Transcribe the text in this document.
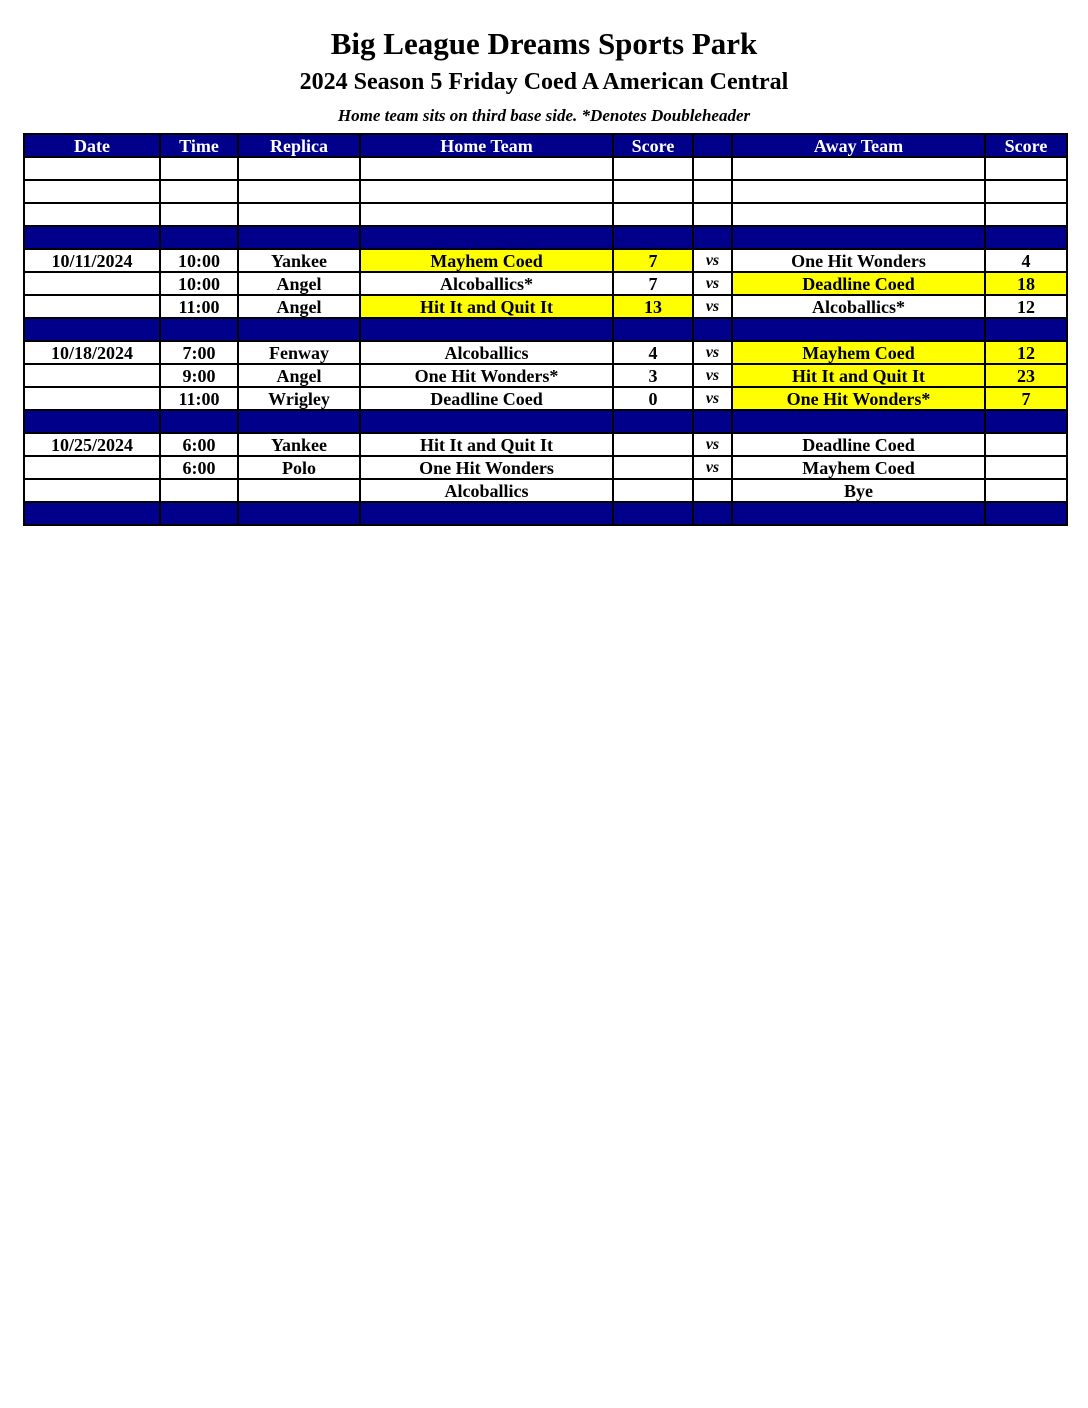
Big League Dreams Sports Park
2024 Season 5 Friday Coed A American Central
Home team sits on third base side. *Denotes Doubleheader
Date	Time	Replica	Home Team	Score		Away Team	Score

10/11/2024	10:00	Yankee	Mayhem Coed	7	vs	One Hit Wonders	4
	10:00	Angel	Alcoballics*	7	vs	Deadline Coed	18
	11:00	Angel	Hit It and Quit It	13	vs	Alcoballics*	12

10/18/2024	7:00	Fenway	Alcoballics	4	vs	Mayhem Coed	12
	9:00	Angel	One Hit Wonders*	3	vs	Hit It and Quit It	23
	11:00	Wrigley	Deadline Coed	0	vs	One Hit Wonders*	7

10/25/2024	6:00	Yankee	Hit It and Quit It		vs	Deadline Coed	
	6:00	Polo	One Hit Wonders		vs	Mayhem Coed	
			Alcoballics			Bye	
